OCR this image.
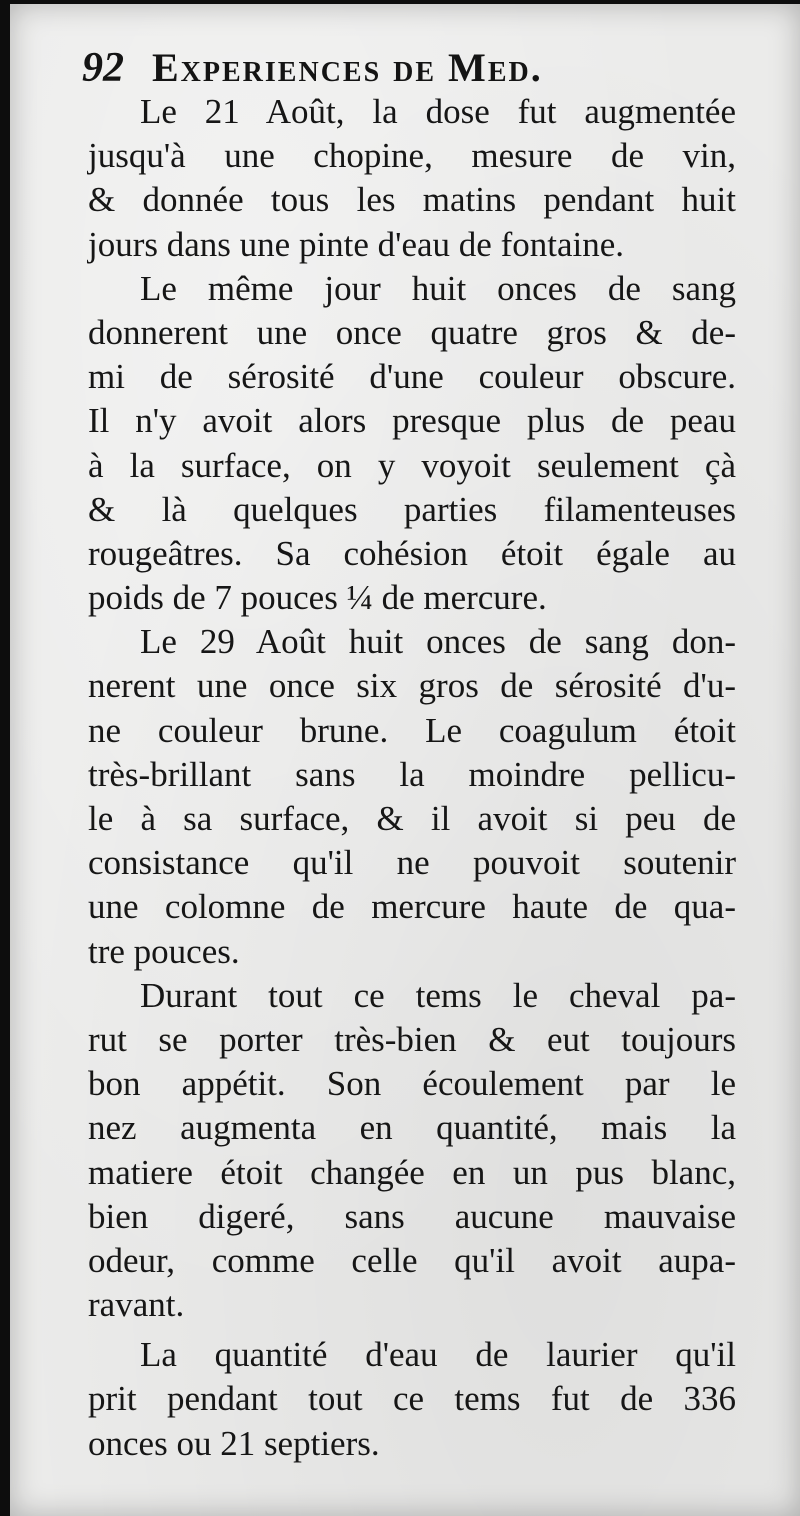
92 Experiences de Med.
Le 21 Août, la dose fut augmentée
jusqu'à une chopine, mesure de vin,
& donnée tous les matins pendant huit
jours dans une pinte d'eau de fontaine.
Le même jour huit onces de sang
donnerent une once quatre gros & de-
mi de sérosité d'une couleur obscure.
Il n'y avoit alors presque plus de peau
à la surface, on y voyoit seulement çà
& là quelques parties filamenteuses
rougeâtres. Sa cohésion étoit égale au
poids de 7 pouces ¼ de mercure.
Le 29 Août huit onces de sang don-
nerent une once six gros de sérosité d'u-
ne couleur brune. Le coagulum étoit
très-brillant sans la moindre pellicu-
le à sa surface, & il avoit si peu de
consistance qu'il ne pouvoit soutenir
une colomne de mercure haute de qua-
tre pouces.
Durant tout ce tems le cheval pa-
rut se porter très-bien & eut toujours
bon appétit. Son écoulement par le
nez augmenta en quantité, mais la
matiere étoit changée en un pus blanc,
bien digeré, sans aucune mauvaise
odeur, comme celle qu'il avoit aupa-
ravant.
La quantité d'eau de laurier qu'il
prit pendant tout ce tems fut de 336
onces ou 21 septiers.
